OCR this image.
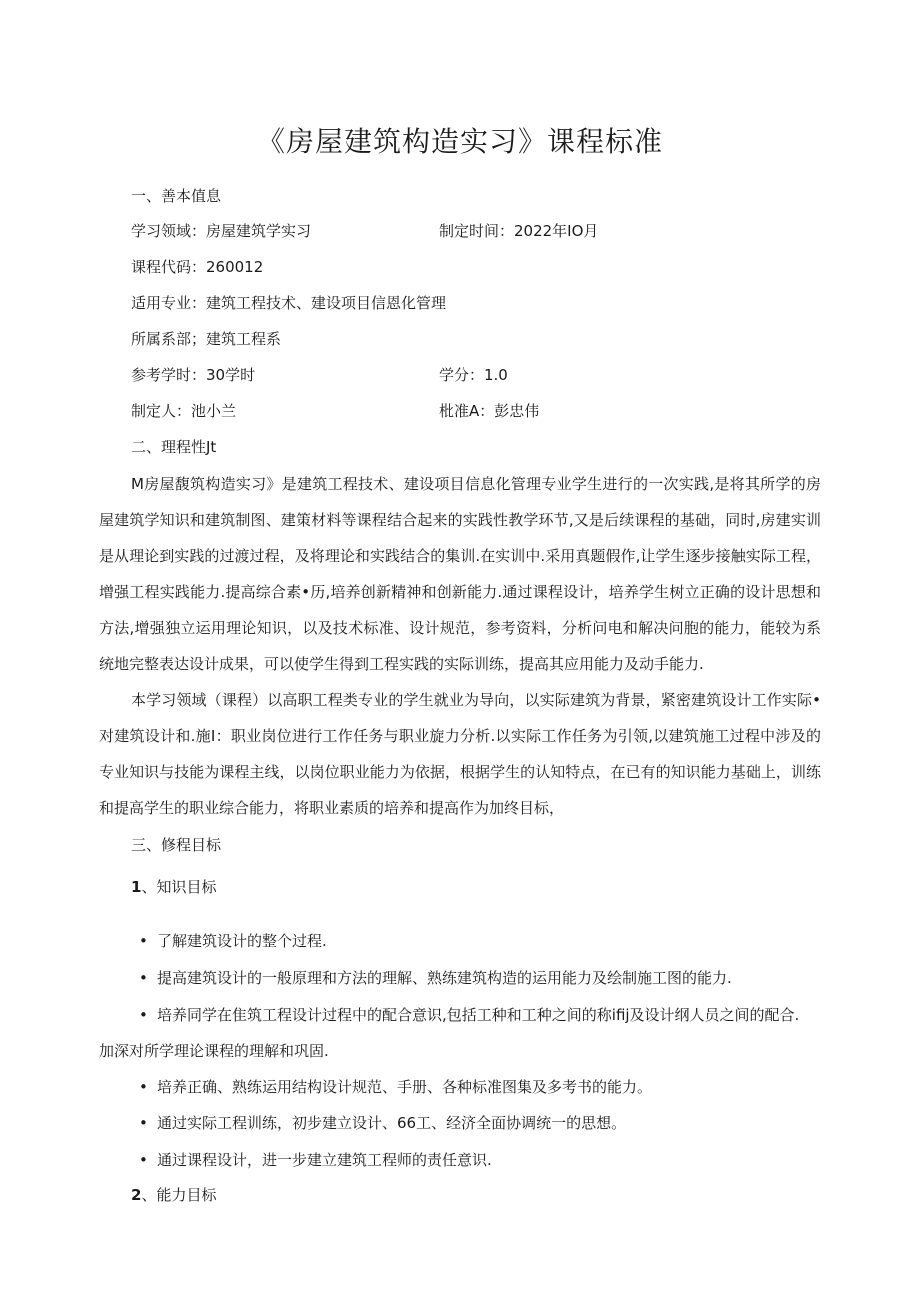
《房屋建筑构造实习》课程标准
一、善本值息
学习领域：房屋建筑学实习	制定时间：2022年IO月
课程代码：260012
适用专业：建筑工程技术、建设项目信恩化管理
所属系部；建筑工程系
参考学时：30学时	学分：1.0
制定人：池小兰	枇准A：彭忠伟
二、理程性Jt
M房屋馥筑构造实习》是建筑工程技术、建设项目信息化管理专业学生进行的一次实践,是将其所学的房屋建筑学知识和建筑制图、建策材料等课程结合起来的实践性教学环节,又是后续课程的基础，同时,房建实训是从理论到实践的过渡过程，及将理论和实践结合的集训.在实训中.采用真题假作,让学生逐步接触实际工程，增强工程实践能力.提高综合素•历,培养创新精神和创新能力.通过课程设计，培养学生树立正确的设计思想和方法,增强独立运用理论知识，以及技术标准、设计规范，参考资料，分析问电和解决问胞的能力，能较为系统地完整表达设计成果，可以使学生得到工程实践的实际训练，提高其应用能力及动手能力.
本学习领域（课程）以高职工程类专业的学生就业为导向，以实际建筑为背景，紧密建筑设计工作实际•对建筑设计和.施I：职业岗位进行工作任务与职业旋力分析.以实际工作任务为引领,以建筑施工过程中涉及的专业知识与技能为课程主线，以岗位职业能力为依据，根据学生的认知特点，在已有的知识能力基础上，训练和提高学生的职业综合能力，将职业素质的培养和提高作为加终目标，
三、修程目标
1、知识目标
• 了解建筑设计的整个过程.
• 提高建筑设计的一般原理和方法的理解、熟练建筑构造的运用能力及绘制施工图的能力.
• 培养同学在隹筑工程设计过程中的配合意识,包括工种和工种之间的称ifij及设计纲人员之间的配合.
加深对所学理论课程的理解和巩固.
• 培养正确、熟练运用结构设计规范、手册、各种标准图集及多考书的能力。
• 通过实际工程训练，初步建立设计、66工、经济全面协调统一的思想。
• 通过课程设计，进一步建立建筑工程师的责任意识.
2、能力目标
